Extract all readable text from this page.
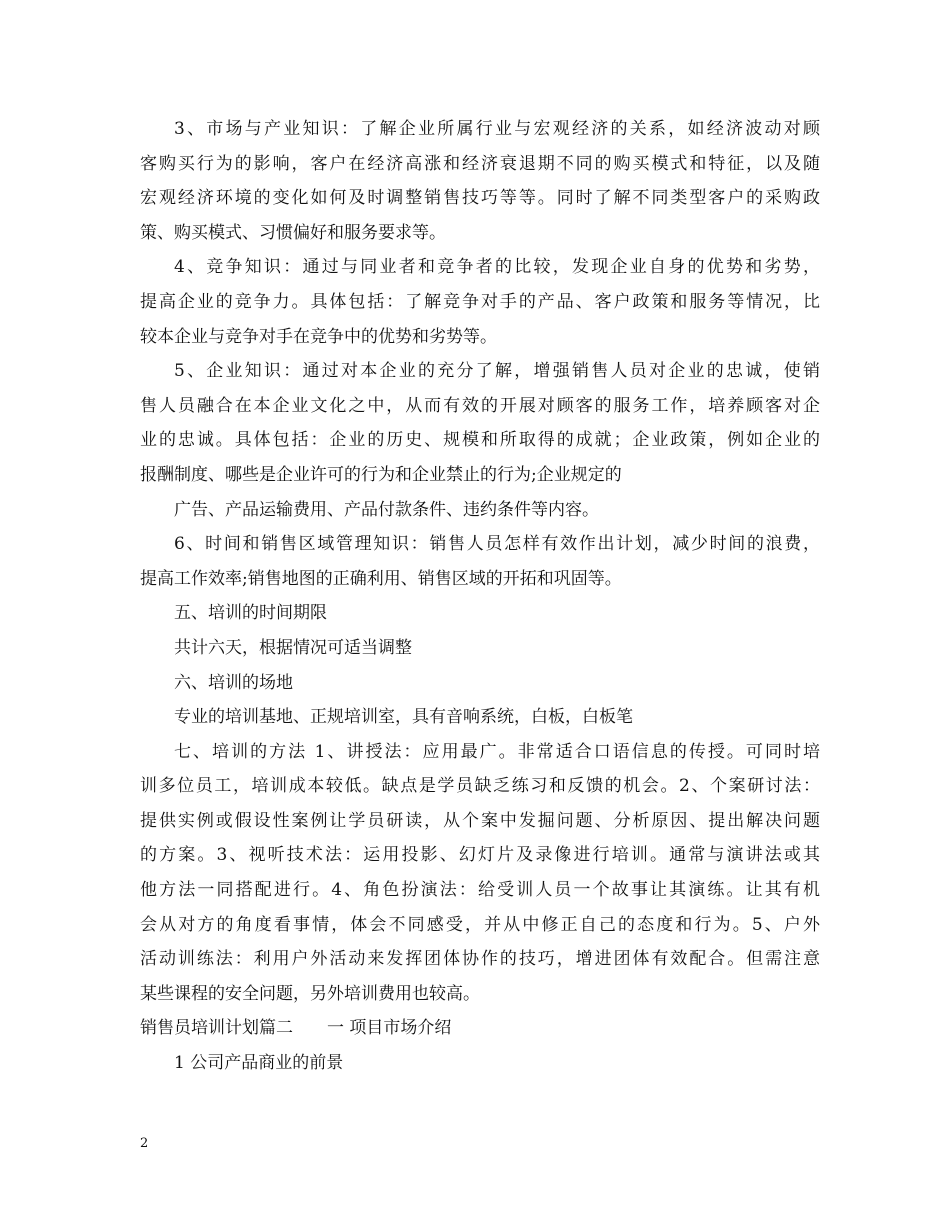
3、市场与产业知识：了解企业所属行业与宏观经济的关系，如经济波动对顾
客购买行为的影响，客户在经济高涨和经济衰退期不同的购买模式和特征，以及随
宏观经济环境的变化如何及时调整销售技巧等等。同时了解不同类型客户的采购政
策、购买模式、习惯偏好和服务要求等。
4、竞争知识：通过与同业者和竞争者的比较，发现企业自身的优势和劣势，
提高企业的竞争力。具体包括：了解竞争对手的产品、客户政策和服务等情况，比
较本企业与竞争对手在竞争中的优势和劣势等。
5、企业知识：通过对本企业的充分了解，增强销售人员对企业的忠诚，使销
售人员融合在本企业文化之中，从而有效的开展对顾客的服务工作，培养顾客对企
业的忠诚。具体包括：企业的历史、规模和所取得的成就；企业政策，例如企业的
报酬制度、哪些是企业许可的行为和企业禁止的行为;企业规定的
广告、产品运输费用、产品付款条件、违约条件等内容。
6、时间和销售区域管理知识：销售人员怎样有效作出计划，减少时间的浪费，
提高工作效率;销售地图的正确利用、销售区域的开拓和巩固等。
五、培训的时间期限
共计六天，根据情况可适当调整
六、培训的场地
专业的培训基地、正规培训室，具有音响系统，白板，白板笔
七、培训的方法 1、讲授法：应用最广。非常适合口语信息的传授。可同时培
训多位员工，培训成本较低。缺点是学员缺乏练习和反馈的机会。2、个案研讨法：
提供实例或假设性案例让学员研读，从个案中发掘问题、分析原因、提出解决问题
的方案。3、视听技术法：运用投影、幻灯片及录像进行培训。通常与演讲法或其
他方法一同搭配进行。4、角色扮演法：给受训人员一个故事让其演练。让其有机
会从对方的角度看事情，体会不同感受，并从中修正自己的态度和行为。5、户外
活动训练法：利用户外活动来发挥团体协作的技巧，增进团体有效配合。但需注意
某些课程的安全问题，另外培训费用也较高。
销售员培训计划篇二　　一 项目市场介绍
1 公司产品商业的前景
2
